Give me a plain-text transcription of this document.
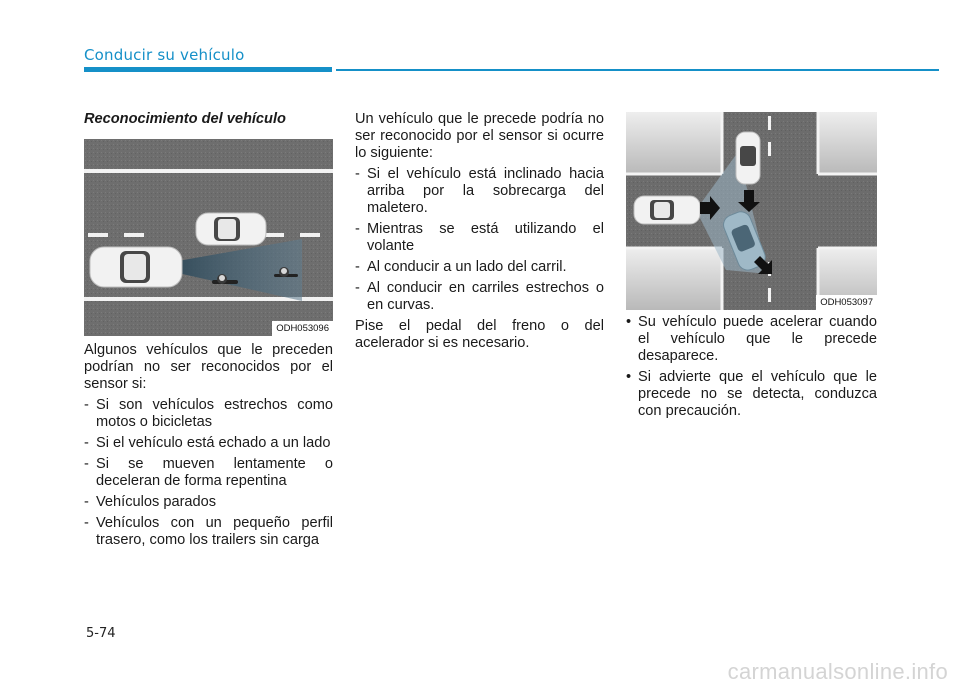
Conducir su vehículo

Reconocimiento del vehículo

ODH053096

Algunos vehículos que le preceden podrían no ser reconocidos por el sensor si:

- Si son vehículos estrechos como motos o bicicletas

- Si el vehículo está echado a un lado

- Si se mueven lentamente o deceleran de forma repentina

- Vehículos parados

- Vehículos con un pequeño perfil trasero, como los trailers sin carga

Un vehículo que le precede podría no ser reconocido por el sensor si ocurre lo siguiente:

- Si el vehículo está inclinado hacia arriba por la sobrecarga del maletero.

- Mientras se está utilizando el volante

- Al conducir a un lado del carril.

- Al conducir en carriles estrechos o en curvas.

Pise el pedal del freno o del acelerador si es necesario.

ODH053097

• Su vehículo puede acelerar cuando el vehículo que le precede desaparece.

• Si advierte que el vehículo que le precede no se detecta, conduzca con precaución.

5-74
carmanualsonline.info
